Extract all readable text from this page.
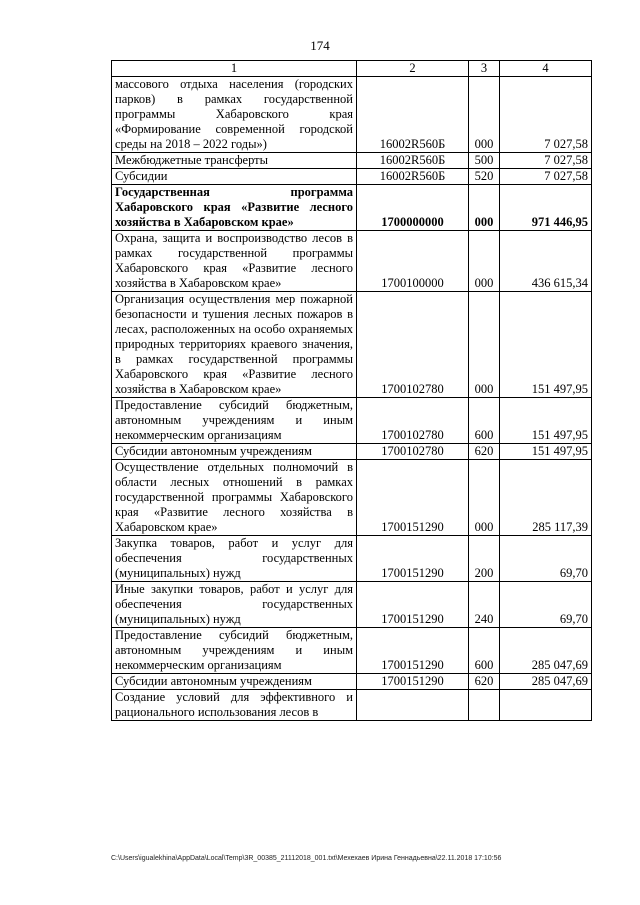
174
1	2	3	4
массового отдыха населения (городских парков) в рамках государственной программы Хабаровского края «Формирование современной городской среды на 2018 – 2022 годы»)	16002R560Б	000	7 027,58
Межбюджетные трансферты	16002R560Б	500	7 027,58
Субсидии	16002R560Б	520	7 027,58
Государственная программа Хабаровского края «Развитие лесного хозяйства в Хабаровском крае»	1700000000	000	971 446,95
Охрана, защита и воспроизводство лесов в рамках государственной программы Хабаровского края «Развитие лесного хозяйства в Хабаровском крае»	1700100000	000	436 615,34
Организация осуществления мер пожарной безопасности и тушения лесных пожаров в лесах, расположенных на особо охраняемых природных территориях краевого значения, в рамках государственной программы Хабаровского края «Развитие лесного хозяйства в Хабаровском крае»	1700102780	000	151 497,95
Предоставление субсидий бюджетным, автономным учреждениям и иным некоммерческим организациям	1700102780	600	151 497,95
Субсидии автономным учреждениям	1700102780	620	151 497,95
Осуществление отдельных полномочий в области лесных отношений в рамках государственной программы Хабаровского края «Развитие лесного хозяйства в Хабаровском крае»	1700151290	000	285 117,39
Закупка товаров, работ и услуг для обеспечения государственных (муниципальных) нужд	1700151290	200	69,70
Иные закупки товаров, работ и услуг для обеспечения государственных (муниципальных) нужд	1700151290	240	69,70
Предоставление субсидий бюджетным, автономным учреждениям и иным некоммерческим организациям	1700151290	600	285 047,69
Субсидии автономным учреждениям	1700151290	620	285 047,69
Создание условий для эффективного и рационального использования лесов в			
C:\Users\igualekhina\AppData\Local\Temp\3R_00385_21112018_001.txt\Мехехаев Ирина Геннадьевна\22.11.2018 17:10:56
